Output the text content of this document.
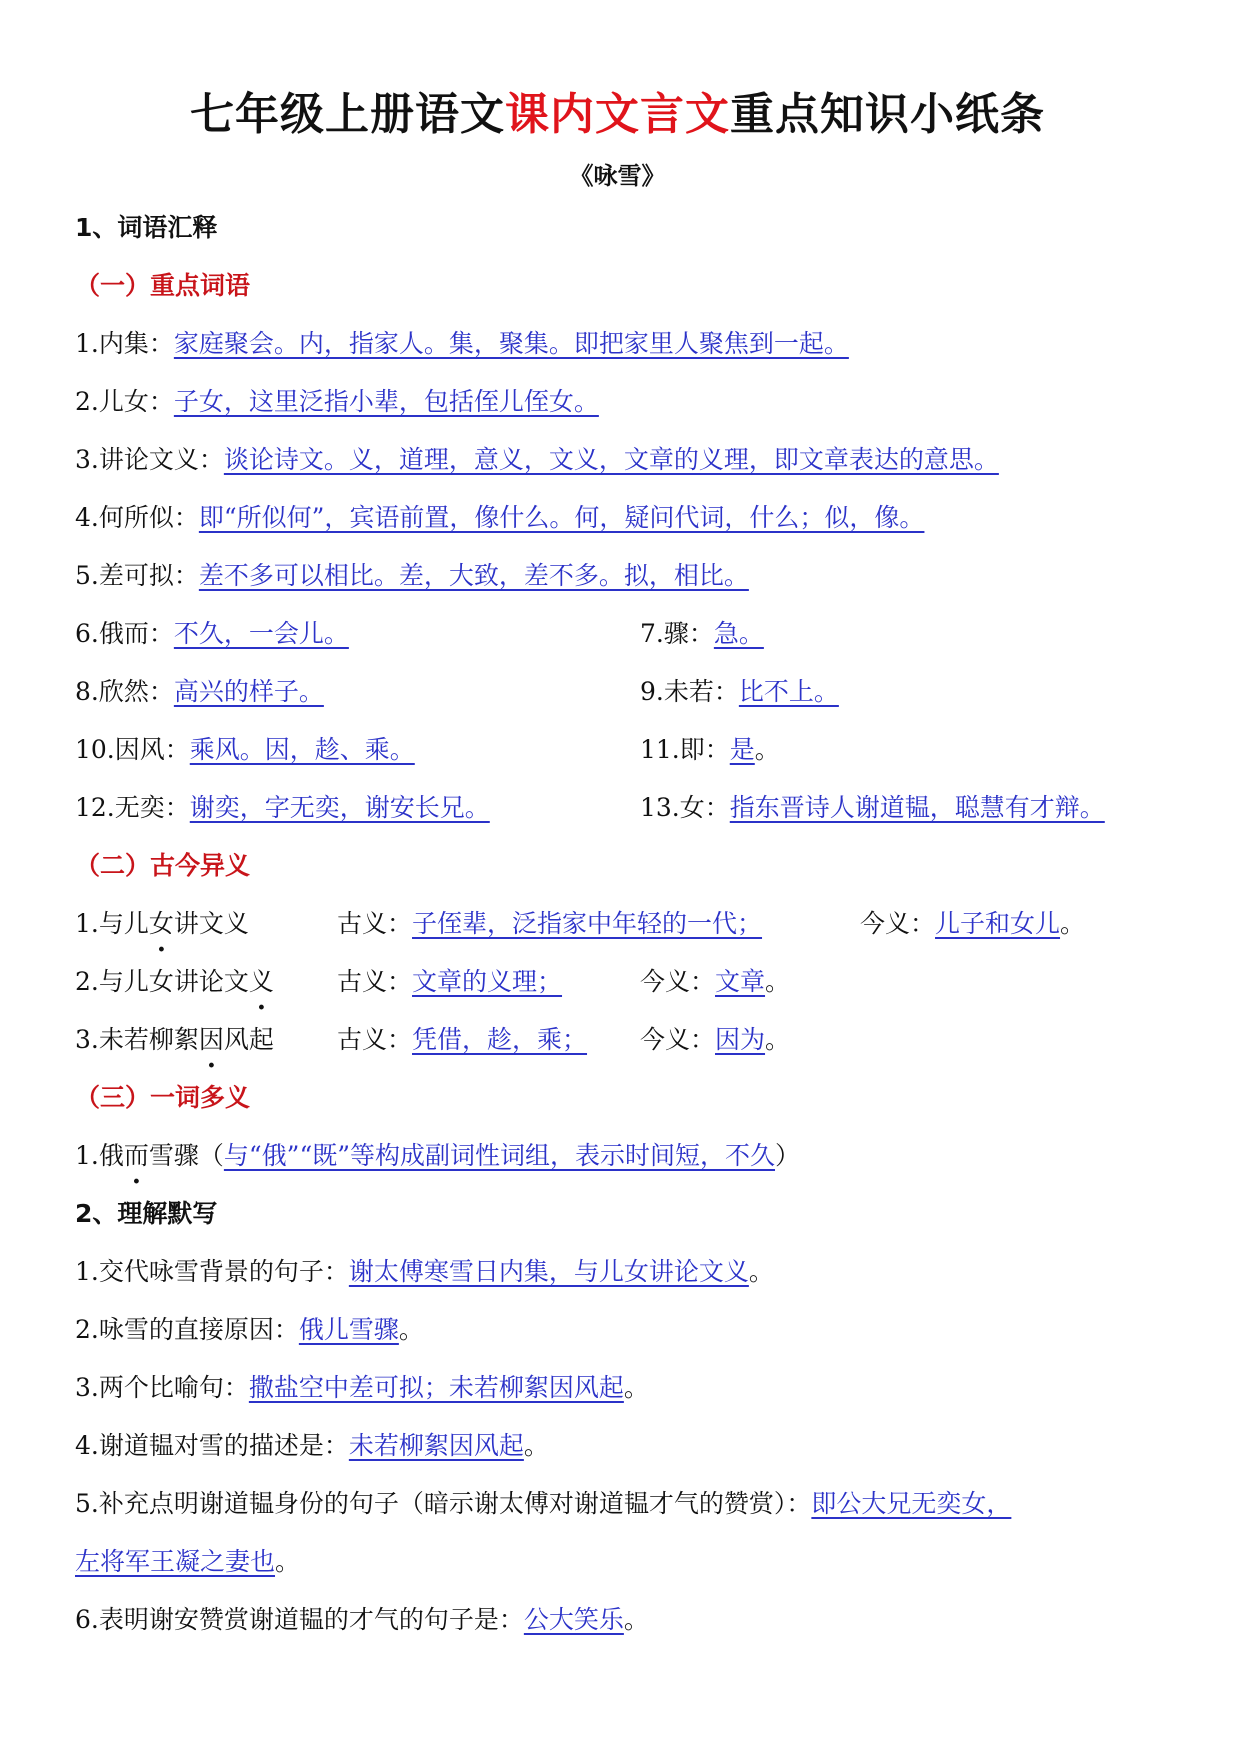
七年级上册语文课内文言文重点知识小纸条
《咏雪》
1、词语汇释
（一）重点词语
1.内集：家庭聚会。内，指家人。集，聚集。即把家里人聚焦到一起。
2.儿女：子女，这里泛指小辈，包括侄儿侄女。
3.讲论文义：谈论诗文。义，道理，意义，文义，文章的义理，即文章表达的意思。
4.何所似：即“所似何”，宾语前置，像什么。何，疑问代词，什么；似，像。
5.差可拟：差不多可以相比。差，大致，差不多。拟，相比。
6.俄而：不久，一会儿。	7.骤：急。
8.欣然：高兴的样子。	9.未若：比不上。
10.因风：乘风。因，趁、乘。	11.即：是。
12.无奕：谢奕，字无奕，谢安长兄。	13.女：指东晋诗人谢道韫，聪慧有才辩。
（二）古今异义
1.与儿女讲文义	古义：子侄辈，泛指家中年轻的一代；	今义：儿子和女儿。
2.与儿女讲论文义	古义：文章的义理；	今义：文章。
3.未若柳絮因风起	古义：凭借，趁，乘； 今义：因为。
（三）一词多义
1.俄而雪骤（与“俄”“既”等构成副词性词组，表示时间短，不久）
2、理解默写
1.交代咏雪背景的句子：谢太傅寒雪日内集，与儿女讲论文义。
2.咏雪的直接原因：俄儿雪骤。
3.两个比喻句：撒盐空中差可拟；未若柳絮因风起。
4.谢道韫对雪的描述是：未若柳絮因风起。
5.补充点明谢道韫身份的句子（暗示谢太傅对谢道韫才气的赞赏）：即公大兄无奕女，
左将军王凝之妻也。
6.表明谢安赞赏谢道韫的才气的句子是：公大笑乐。
